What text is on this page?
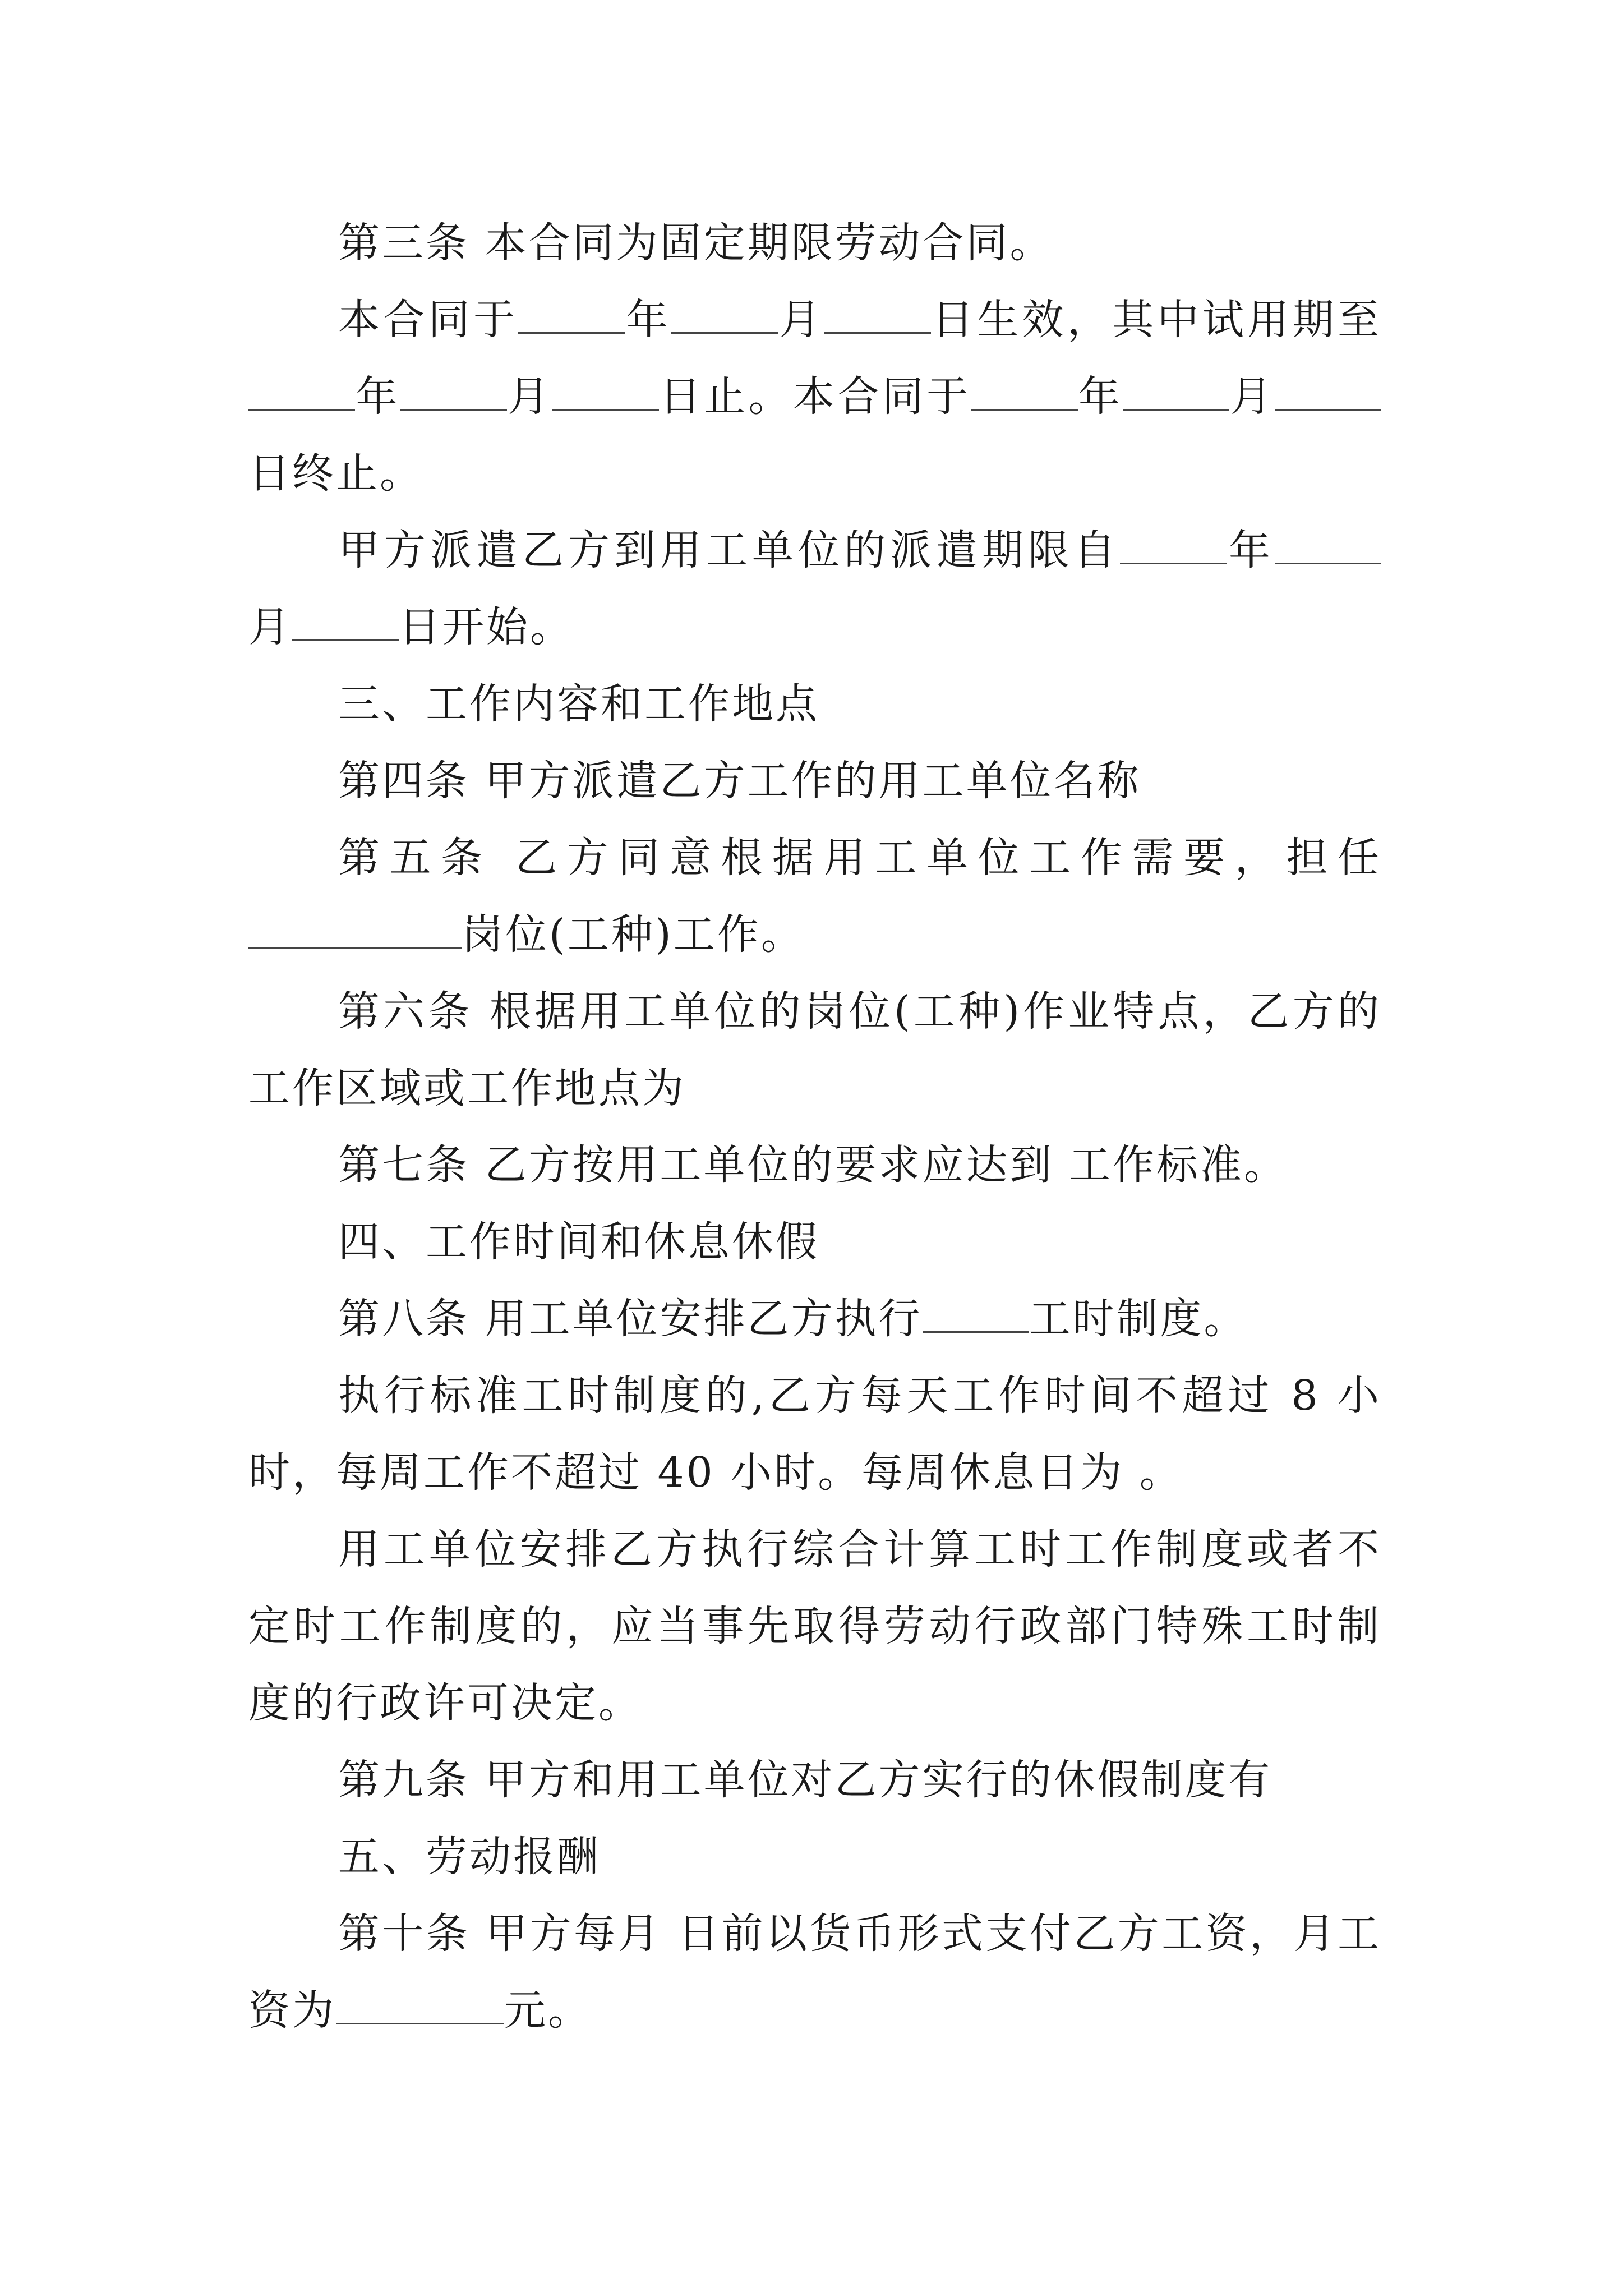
第三条 本合同为固定期限劳动合同。

本合同于	年	月	日生效，其中试用期至年	月	日止。本合同于	年	月日终止。

甲方派遣乙方到用工单位的派遣期限自	年月	日开始。

三、工作内容和工作地点

第四条 甲方派遣乙方工作的用工单位名称

第五条 乙方同意根据用工单位工作需要，担任岗位(工种)工作。

第六条 根据用工单位的岗位(工种)作业特点，乙方的工作区域或工作地点为

第七条 乙方按用工单位的要求应达到 工作标准。

四、工作时间和休息休假

第八条 用工单位安排乙方执行	工时制度。

执行标准工时制度的,乙方每天工作时间不超过 8 小时，每周工作不超过 40 小时。每周休息日为 。

用工单位安排乙方执行综合计算工时工作制度或者不定时工作制度的，应当事先取得劳动行政部门特殊工时制度的行政许可决定。

第九条 甲方和用工单位对乙方实行的休假制度有

五、劳动报酬

第十条 甲方每月 日前以货币形式支付乙方工资，月工资为	元。
